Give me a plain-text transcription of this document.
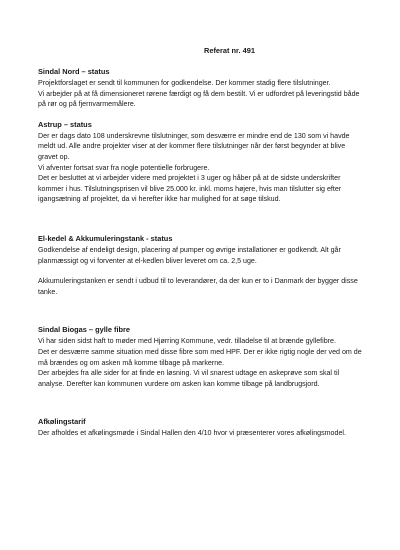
Referat nr. 491
Sindal Nord – status

Projektforslaget er sendt til kommunen for godkendelse. Der kommer stadig flere tilslutninger.

Vi arbejder på at få dimensioneret rørene færdigt og få dem bestilt. Vi er udfordret på leveringstid både på rør og på fjernvarmemålere.

Astrup – status

Der er dags dato 108 underskrevne tilslutninger, som desværre er mindre end de 130 som vi havde meldt ud. Alle andre projekter viser at der kommer flere tilslutninger når der først begynder at blive gravet op.

Vi afventer fortsat svar fra nogle potentielle forbrugere.

Det er besluttet at vi arbejder videre med projektet i 3 uger og håber på at de sidste underskrifter kommer i hus. Tilslutningsprisen vil blive 25.000 kr. inkl. moms højere, hvis man tilslutter sig efter igangsætning af projektet, da vi herefter ikke har mulighed for at søge tilskud.

El-kedel & Akkumuleringstank - status

Godkendelse af endeligt design, placering af pumper og øvrige installationer er godkendt. Alt går planmæssigt og vi forventer at el-kedlen bliver leveret om ca. 2,5 uge.

Akkumuleringstanken er sendt i udbud til to leverandører, da der kun er to i Danmark der bygger disse tanke.

Sindal Biogas – gylle fibre

Vi har siden sidst haft to møder med Hjørring Kommune, vedr. tilladelse til at brænde gyllefibre.

Det er desværre samme situation med disse fibre som med HPF. Der er ikke rigtig nogle der ved om de må brændes og om asken må komme tilbage på markerne.

Der arbejdes fra alle sider for at finde en løsning. Vi vil snarest udtage en askeprøve som skal til analyse. Derefter kan kommunen vurdere om asken kan komme tilbage på landbrugsjord.

Afkølingstarif

Der afholdes et afkølingsmøde i Sindal Hallen den 4/10 hvor vi præsenterer vores afkølingsmodel.
